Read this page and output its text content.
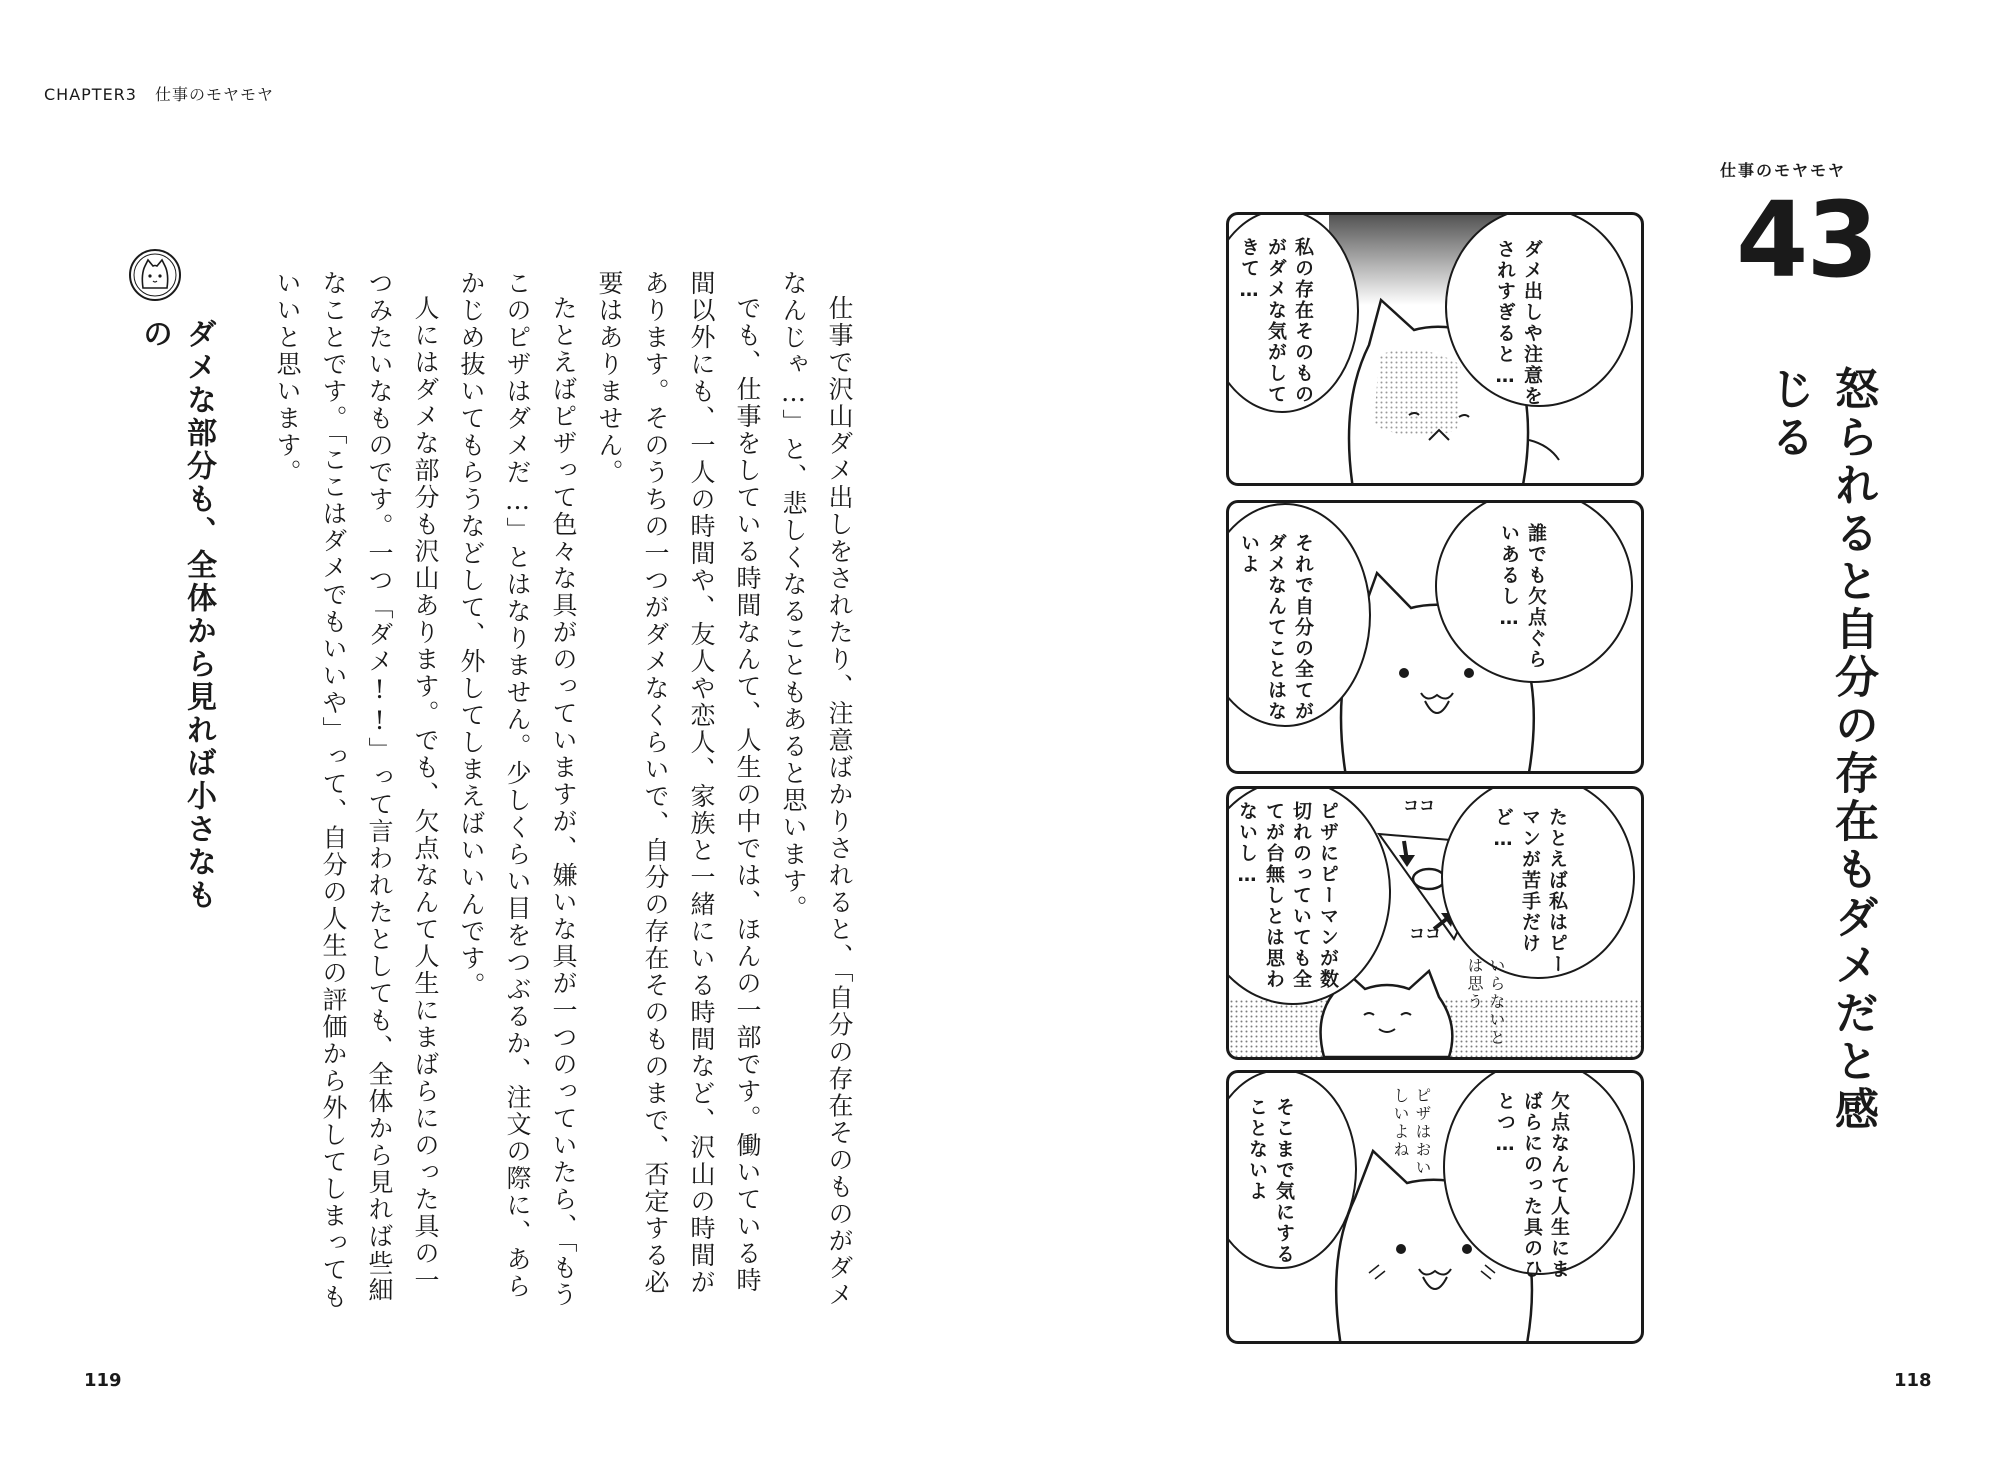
CHAPTER3 仕事のモヤモヤ
119	118

仕事で沢山ダメ出しをされたり、注意ばかりされると、「自分の存在そのものがダメなんじゃ…」と、悲しくなることもあると思います。

でも、仕事をしている時間なんて、人生の中では、ほんの一部です。働いている時間以外にも、一人の時間や、友人や恋人、家族と一緒にいる時間など、沢山の時間があります。そのうちの一つがダメなくらいで、自分の存在そのものまで、否定する必要はありません。

たとえばピザって色々な具がのっていますが、嫌いな具が一つのっていたら、「もうこのピザはダメだ…」とはなりません。少しくらい目をつぶるか、注文の際に、あらかじめ抜いてもらうなどして、外してしまえばいいんです。

人にはダメな部分も沢山あります。でも、欠点なんて人生にまばらにのった具の一つみたいなものです。一つ「ダメ!!」って言われたとしても、全体から見れば些細なことです。「ここはダメでもいいや」って、自分の人生の評価から外してしまってもいいと思います。

ダメな部分も、全体から見れば小さなもの
仕事のモヤモヤ
43
怒られると自分の存在もダメだと感じる
ダメ出しや注意をされすぎると…
私の存在そのものがダメな気がしてきて…
誰でも欠点ぐらいあるし…
それで自分の全てがダメなんてことはないよ
ココ
ココ	たとえば私はピーマンが苦手だけど…
ピザにピーマンが数切れのっていても全てが台無しとは思わないし…
いらないとは思う
欠点なんて人生にまばらにのった具のひとつ…
そこまで気にすることないよ	ピザはおいしいよね
